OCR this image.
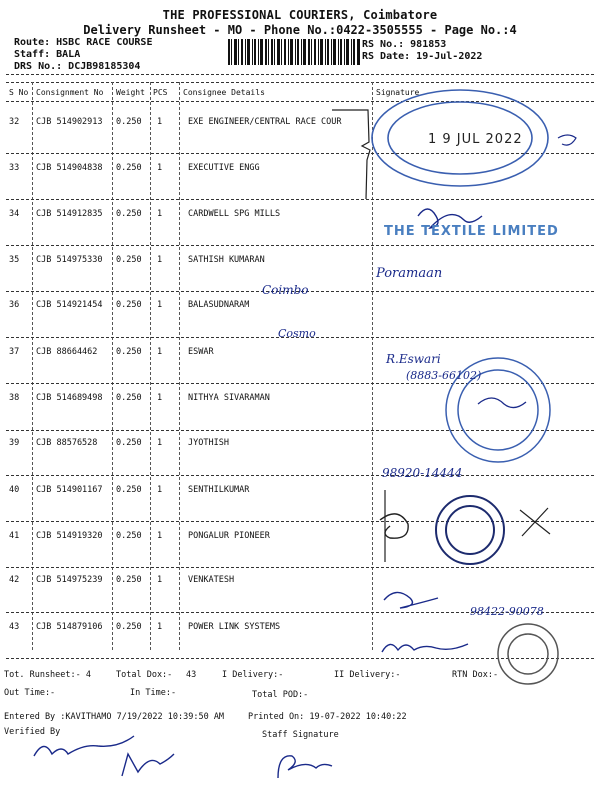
THE PROFESSIONAL COURIERS, Coimbatore
Delivery Runsheet - MO - Phone No.:0422-3505555 - Page No.:4
Route: HSBC RACE COURSE
Staff: BALA
DRS No.: DCJB98185304
RS No.: 981853
RS Date: 19-Jul-2022
S No Consignment No Weight PCS Consignee Details	Signature
32 CJB 514902913 0.250 1	EXE ENGINEER/CENTRAL RACE COUR
33 CJB 514904838 0.250 1	EXECUTIVE ENGG
34 CJB 514912835 0.250 1	CARDWELL SPG MILLS
35 CJB 514975330 0.250 1	SATHISH KUMARAN
36 CJB 514921454 0.250 1	BALASUDNARAM
37 CJB 88664462 0.250 1	ESWAR
38 CJB 514689498 0.250 1	NITHYA SIVARAMAN
39 CJB 88576528 0.250 1	JYOTHISH
40 CJB 514901167 0.250 1	SENTHILKUMAR
41 CJB 514919320 0.250 1	PONGALUR PIONEER
42 CJB 514975239 0.250 1	VENKATESH
43 CJB 514879106 0.250 1	POWER LINK SYSTEMS
1 9 JUL 2022
THE TEXTILE LIMITED
Coimbo
Poramaan
Cosmo
R.Eswari
(8883-66102)
98920-14444
98422-90078
Tot. Runsheet:- 4	Total Dox:- 43	I Delivery:-	II Delivery:-	RTN Dox:-
Out Time:-	In Time:-	Total POD:-
Entered By :KAVITHAMO 7/19/2022 10:39:50 AM	Printed On: 19-07-2022 10:40:22
Verified By	Staff Signature
